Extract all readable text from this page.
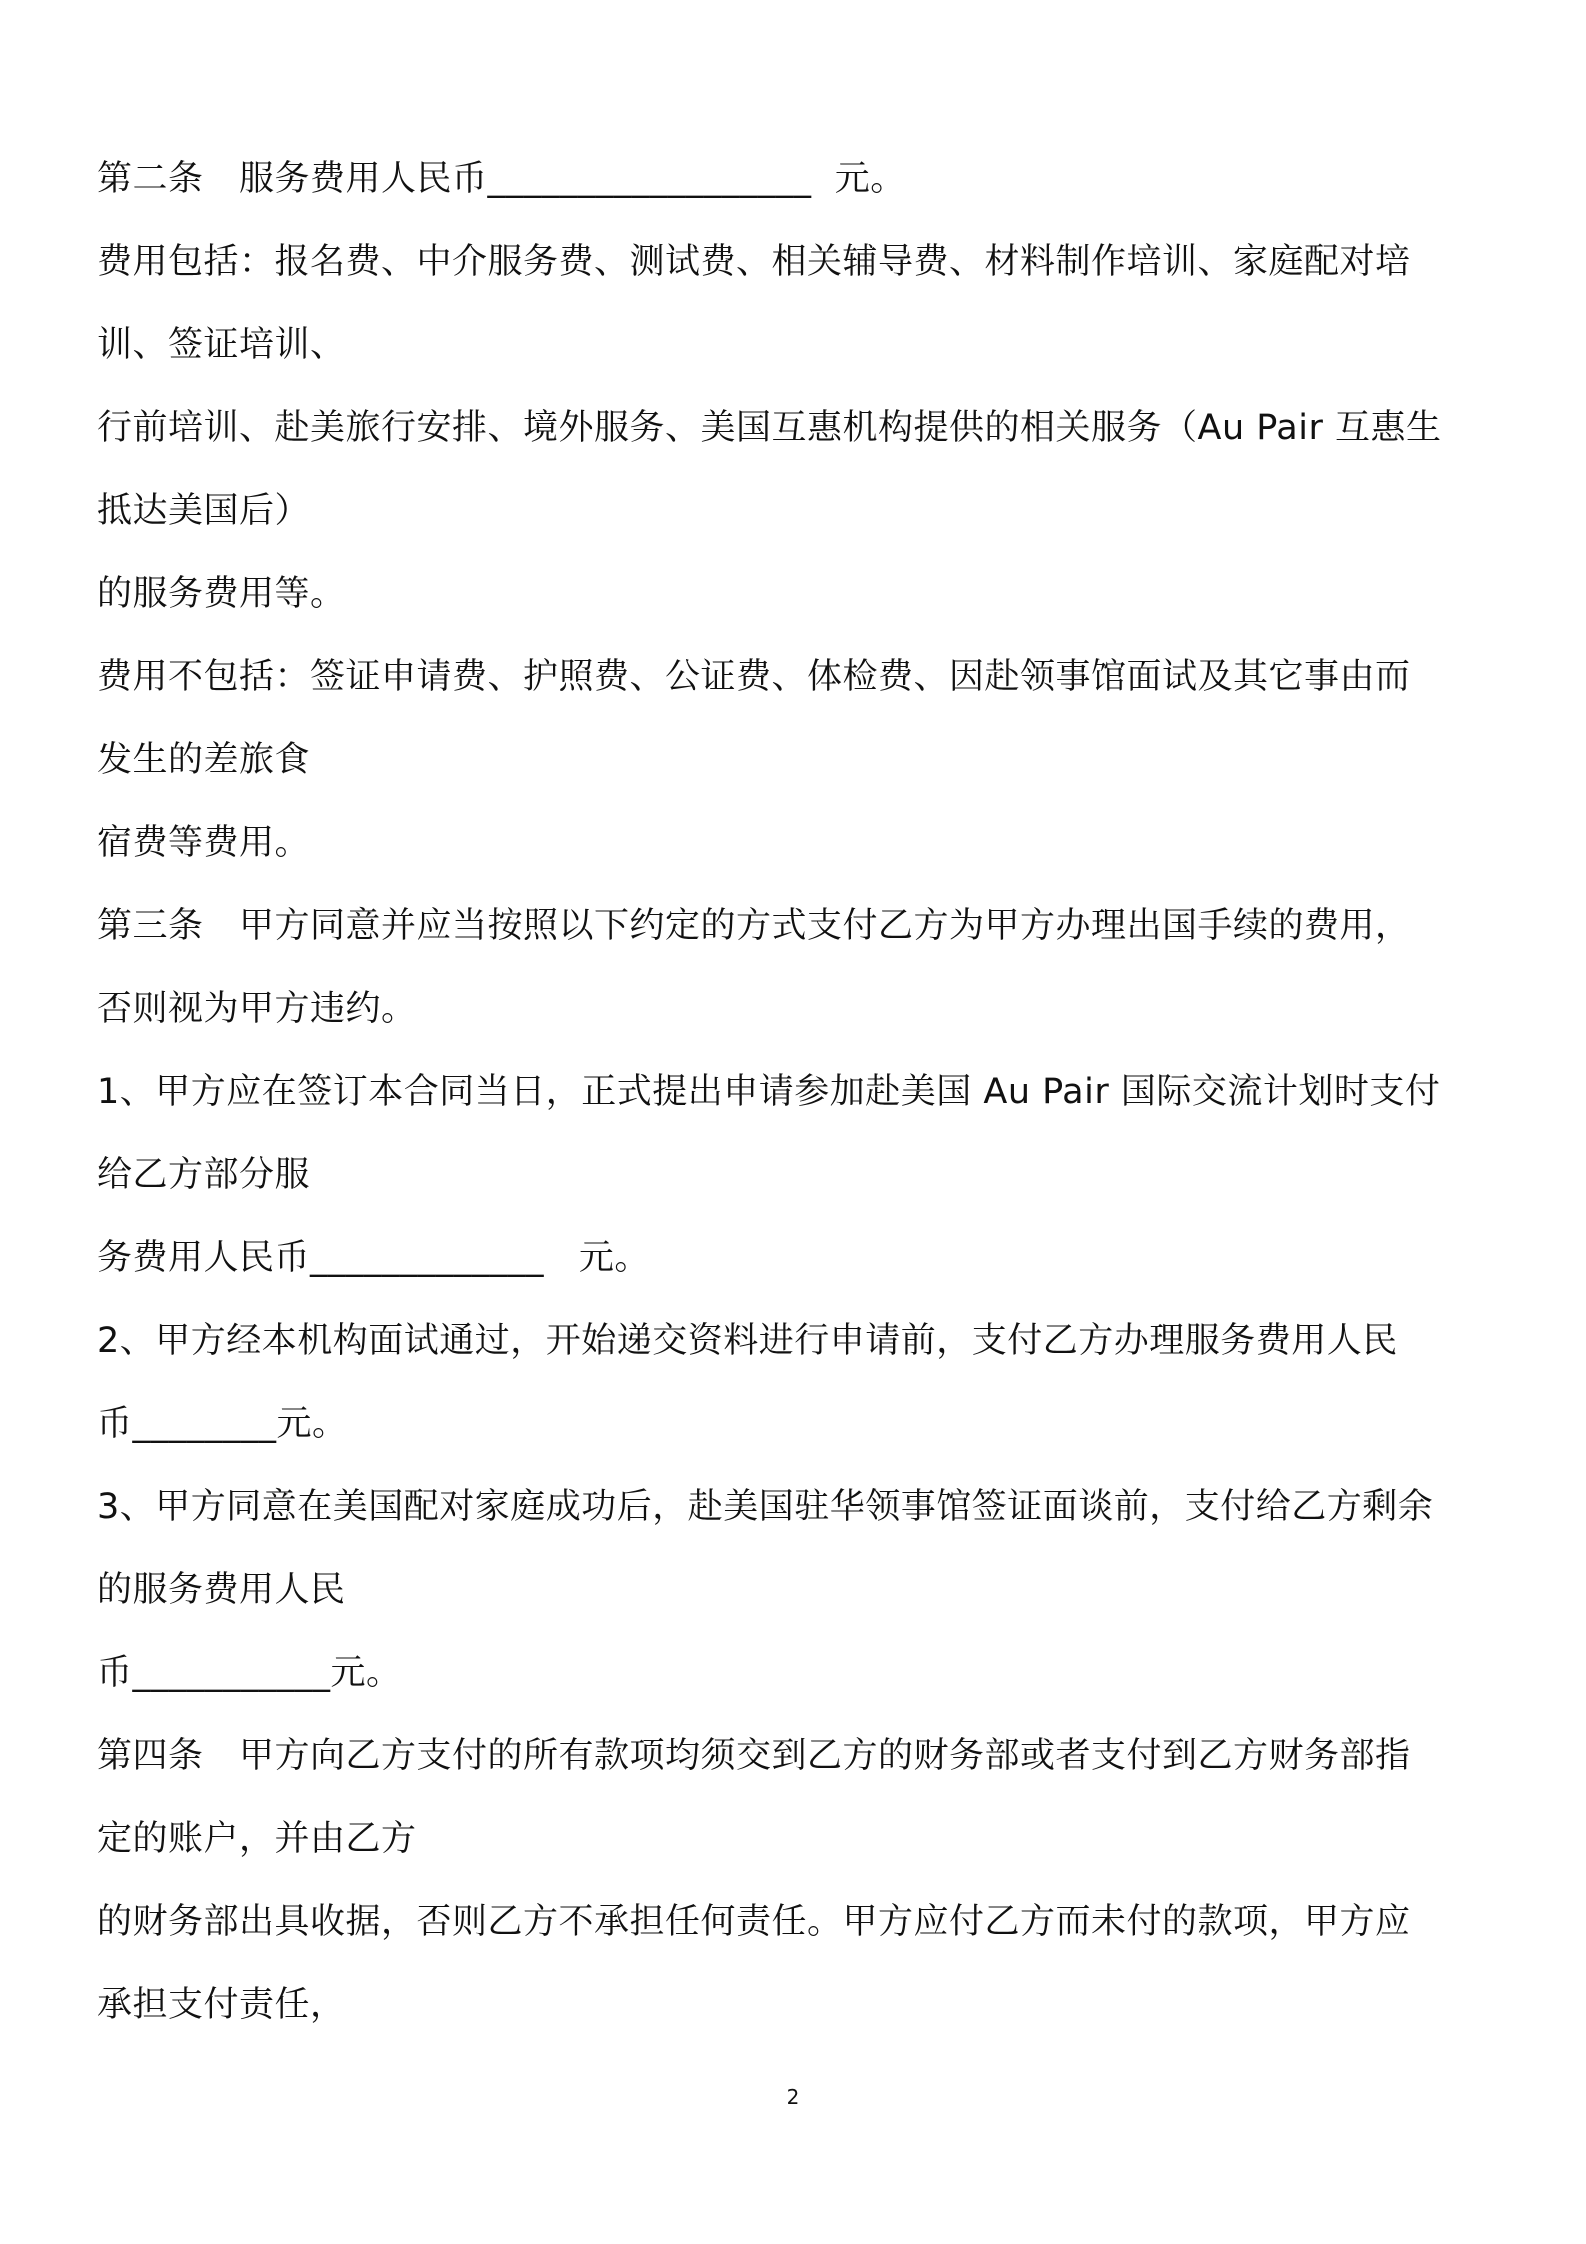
第二条　服务费用人民币__________________  元。
费用包括：报名费、中介服务费、测试费、相关辅导费、材料制作培训、家庭配对培
训、签证培训、
行前培训、赴美旅行安排、境外服务、美国互惠机构提供的相关服务（Au Pair 互惠生
抵达美国后）
的服务费用等。
费用不包括：签证申请费、护照费、公证费、体检费、因赴领事馆面试及其它事由而
发生的差旅食
宿费等费用。
第三条　甲方同意并应当按照以下约定的方式支付乙方为甲方办理出国手续的费用，
否则视为甲方违约。
1、甲方应在签订本合同当日，正式提出申请参加赴美国 Au Pair 国际交流计划时支付
给乙方部分服
务费用人民币_____________   元。
2、甲方经本机构面试通过，开始递交资料进行申请前，支付乙方办理服务费用人民
币________元。
3、甲方同意在美国配对家庭成功后，赴美国驻华领事馆签证面谈前，支付给乙方剩余
的服务费用人民
币___________元。
第四条　甲方向乙方支付的所有款项均须交到乙方的财务部或者支付到乙方财务部指
定的账户，并由乙方
的财务部出具收据，否则乙方不承担任何责任。甲方应付乙方而未付的款项，甲方应
承担支付责任，
2
